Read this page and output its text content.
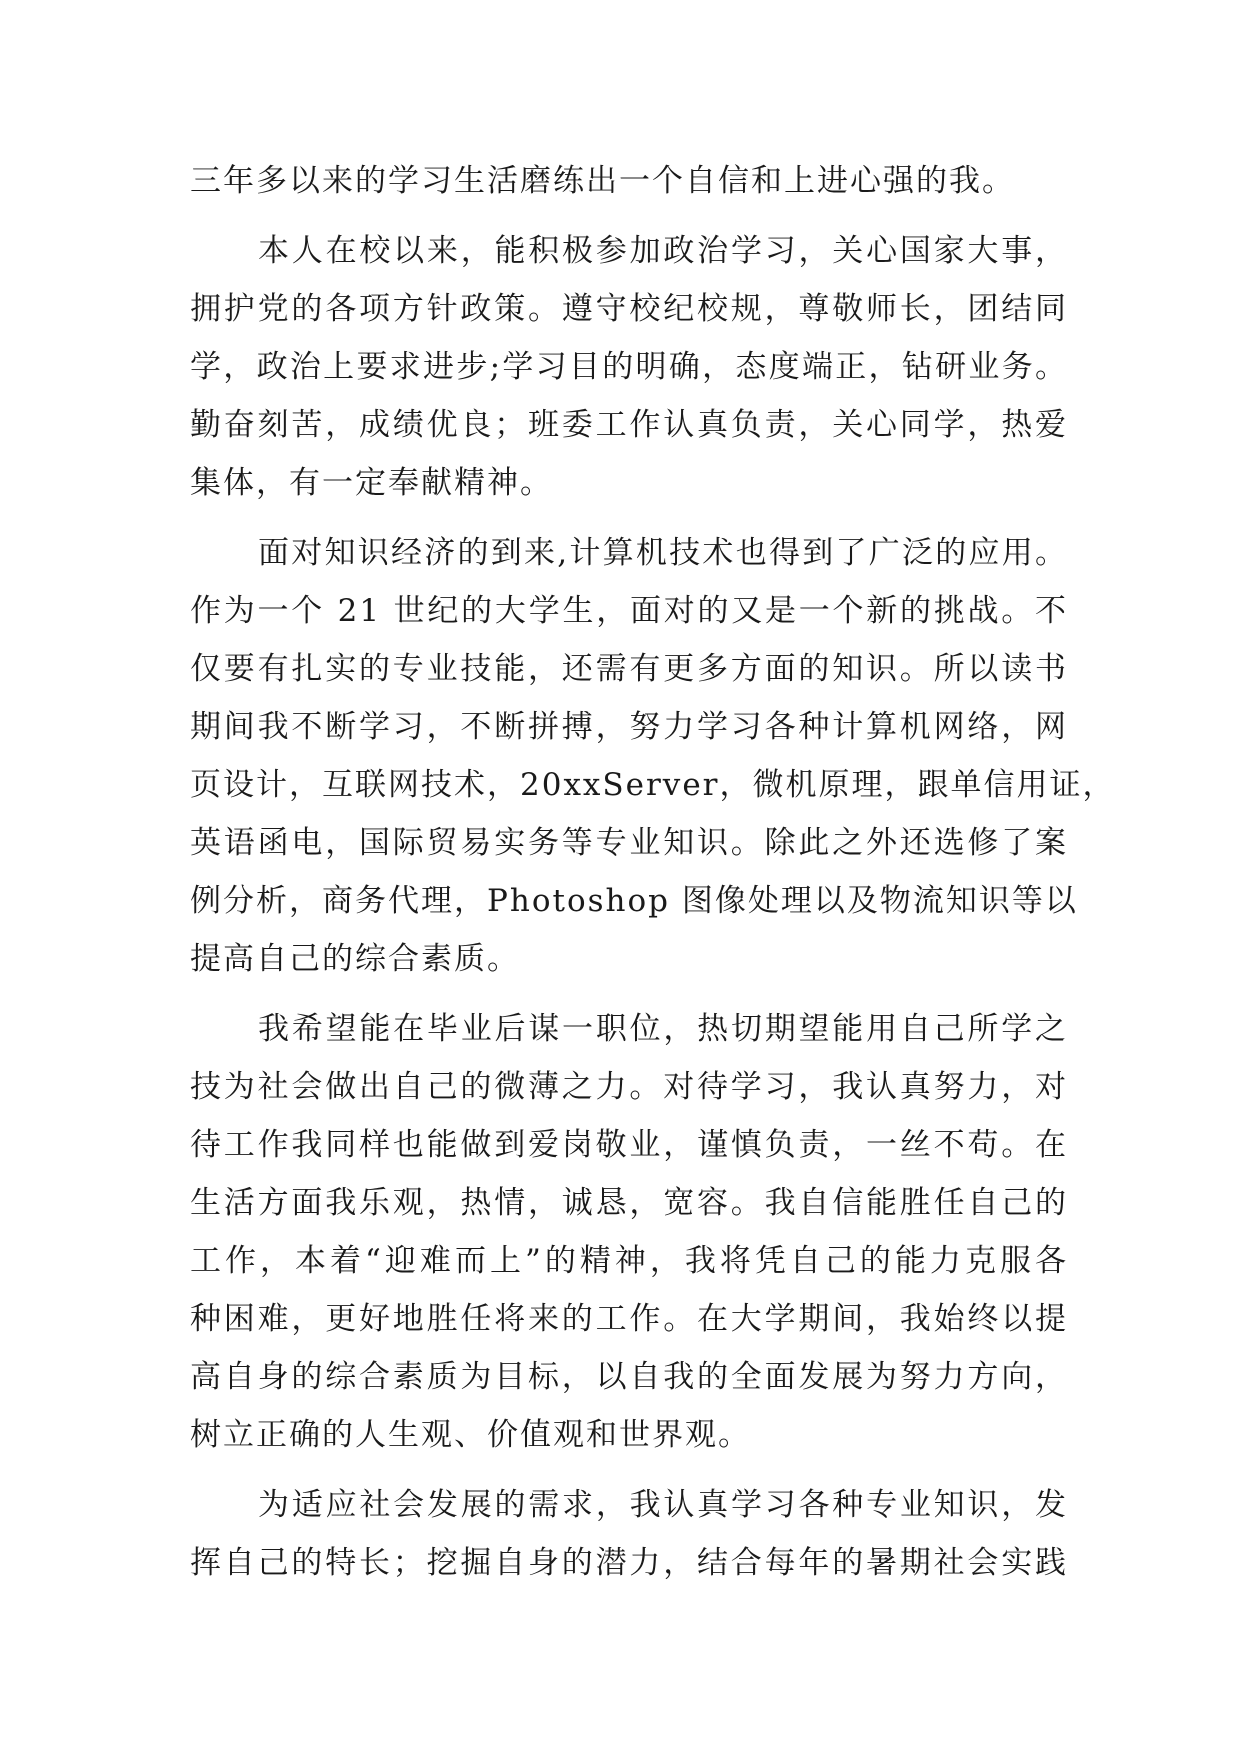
三年多以来的学习生活磨练出一个自信和上进心强的我。
本人在校以来，能积极参加政治学习，关心国家大事，
拥护党的各项方针政策。遵守校纪校规，尊敬师长，团结同
学，政治上要求进步;学习目的明确，态度端正，钻研业务。
勤奋刻苦，成绩优良；班委工作认真负责，关心同学，热爱
集体，有一定奉献精神。
面对知识经济的到来,计算机技术也得到了广泛的应用。
作为一个 21 世纪的大学生，面对的又是一个新的挑战。不
仅要有扎实的专业技能，还需有更多方面的知识。所以读书
期间我不断学习，不断拼搏，努力学习各种计算机网络，网
页设计，互联网技术，20xxServer，微机原理，跟单信用证，
英语函电，国际贸易实务等专业知识。除此之外还选修了案
例分析，商务代理，Photoshop 图像处理以及物流知识等以
提高自己的综合素质。
我希望能在毕业后谋一职位，热切期望能用自己所学之
技为社会做出自己的微薄之力。对待学习，我认真努力，对
待工作我同样也能做到爱岗敬业，谨慎负责，一丝不苟。在
生活方面我乐观，热情，诚恳，宽容。我自信能胜任自己的
工作，本着“迎难而上”的精神，我将凭自己的能力克服各
种困难，更好地胜任将来的工作。在大学期间，我始终以提
高自身的综合素质为目标，以自我的全面发展为努力方向，
树立正确的人生观、价值观和世界观。
为适应社会发展的需求，我认真学习各种专业知识，发
挥自己的特长；挖掘自身的潜力，结合每年的暑期社会实践
